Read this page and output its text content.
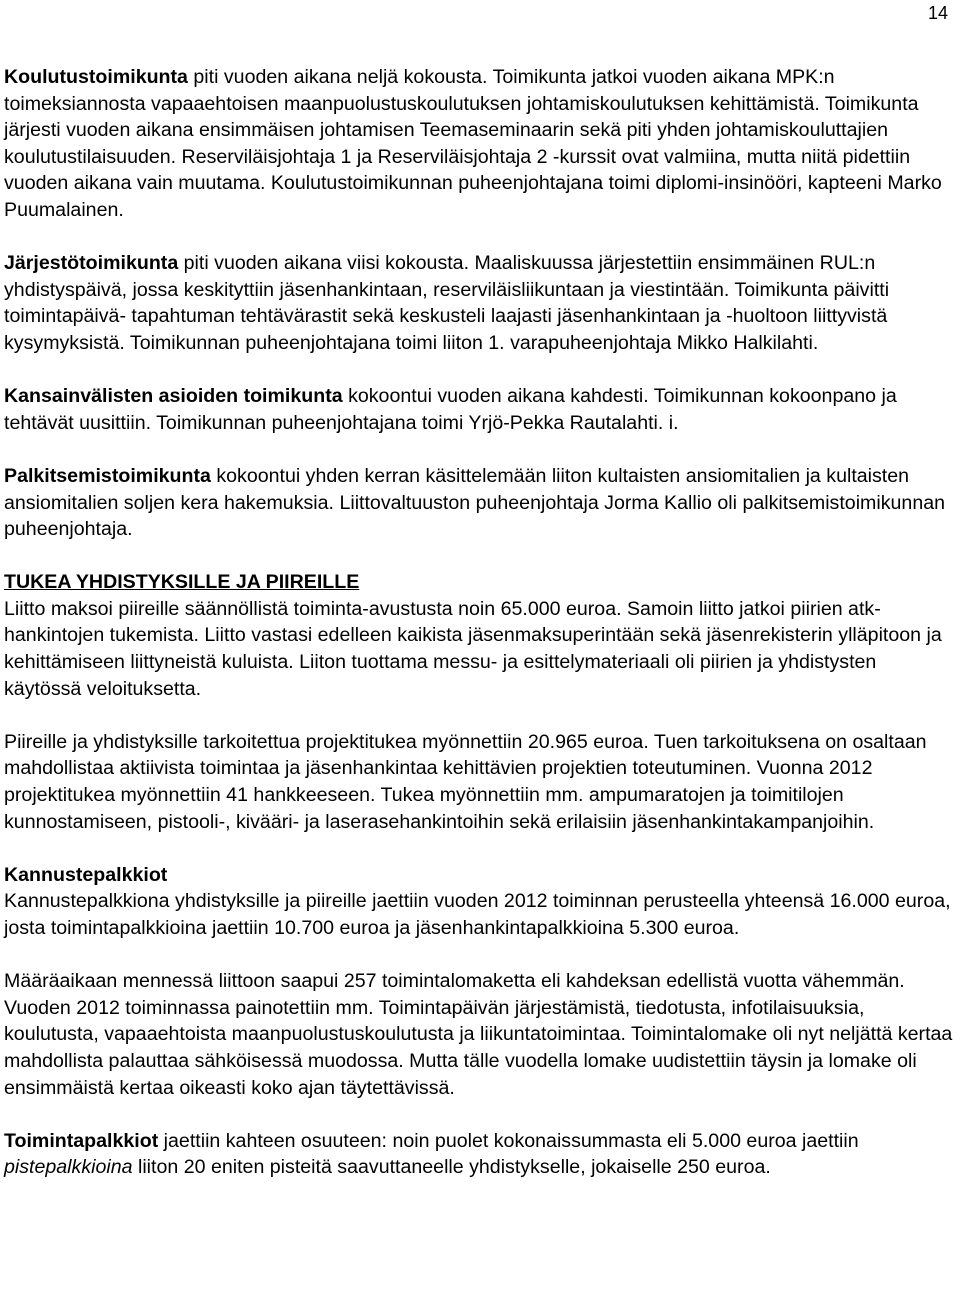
14

Koulutustoimikunta piti vuoden aikana neljä kokousta. Toimikunta jatkoi vuoden aikana MPK:n toimeksiannosta vapaaehtoisen maanpuolustuskoulutuksen johtamiskoulutuksen kehittämistä. Toimikunta järjesti vuoden aikana ensimmäisen johtamisen Teemaseminaarin sekä piti yhden johtamiskouluttajien koulutustilaisuuden. Reserviläisjohtaja 1 ja Reserviläisjohtaja 2 -kurssit ovat valmiina, mutta niitä pidettiin vuoden aikana vain muutama. Koulutustoimikunnan puheenjohtajana toimi diplomi-insinööri, kapteeni Marko Puumalainen.

Järjestötoimikunta piti vuoden aikana viisi kokousta. Maaliskuussa järjestettiin ensimmäinen RUL:n yhdistyspäivä, jossa keskityttiin jäsenhankintaan, reserviläisliikuntaan ja viestintään. Toimikunta päivitti toimintapäivä- tapahtuman tehtävärastit sekä keskusteli laajasti jäsenhankintaan ja -huoltoon liittyvistä kysymyksistä. Toimikunnan puheenjohtajana toimi liiton 1. varapuheenjohtaja Mikko Halkilahti.

Kansainvälisten asioiden toimikunta kokoontui vuoden aikana kahdesti. Toimikunnan kokoonpano ja tehtävät uusittiin. Toimikunnan puheenjohtajana toimi Yrjö-Pekka Rautalahti. i.

Palkitsemistoimikunta kokoontui yhden kerran käsittelemään liiton kultaisten ansiomitalien ja kultaisten ansiomitalien soljen kera hakemuksia. Liittovaltuuston puheenjohtaja Jorma Kallio oli palkitsemistoimikunnan puheenjohtaja.

TUKEA YHDISTYKSILLE JA PIIREILLE
Liitto maksoi piireille säännöllistä toiminta-avustusta noin 65.000 euroa. Samoin liitto jatkoi piirien atk-hankintojen tukemista. Liitto vastasi edelleen kaikista jäsenmaksuperintään sekä jäsenrekisterin ylläpitoon ja kehittämiseen liittyneistä kuluista. Liiton tuottama messu- ja esittelymateriaali oli piirien ja yhdistysten käytössä veloituksetta.

Piireille ja yhdistyksille tarkoitettua projektitukea myönnettiin 20.965 euroa. Tuen tarkoituksena on osaltaan mahdollistaa aktiivista toimintaa ja jäsenhankintaa kehittävien projektien toteutuminen. Vuonna 2012 projektitukea myönnettiin 41 hankkeeseen. Tukea myönnettiin mm. ampumaratojen ja toimitilojen kunnostamiseen, pistooli-, kivääri- ja laserasehankintoihin sekä erilaisiin jäsenhankintakampanjoihin.

Kannustepalkkiot
Kannustepalkkiona yhdistyksille ja piireille jaettiin vuoden 2012 toiminnan perusteella yhteensä 16.000 euroa, josta toimintapalkkioina jaettiin 10.700 euroa ja jäsenhankintapalkkioina 5.300 euroa.

Määräaikaan mennessä liittoon saapui 257 toimintalomaketta eli kahdeksan edellistä vuotta vähemmän. Vuoden 2012 toiminnassa painotettiin mm. Toimintapäivän järjestämistä, tiedotusta, infotilaisuuksia, koulutusta, vapaaehtoista maanpuolustuskoulutusta ja liikuntatoimintaa. Toimintalomake oli nyt neljättä kertaa mahdollista palauttaa sähköisessä muodossa. Mutta tälle vuodella lomake uudistettiin täysin ja lomake oli ensimmäistä kertaa oikeasti koko ajan täytettävissä.

Toimintapalkkiot jaettiin kahteen osuuteen: noin puolet kokonaissummasta eli 5.000 euroa jaettiin pistepalkkioina liiton 20 eniten pisteitä saavuttaneelle yhdistykselle, jokaiselle 250 euroa.
